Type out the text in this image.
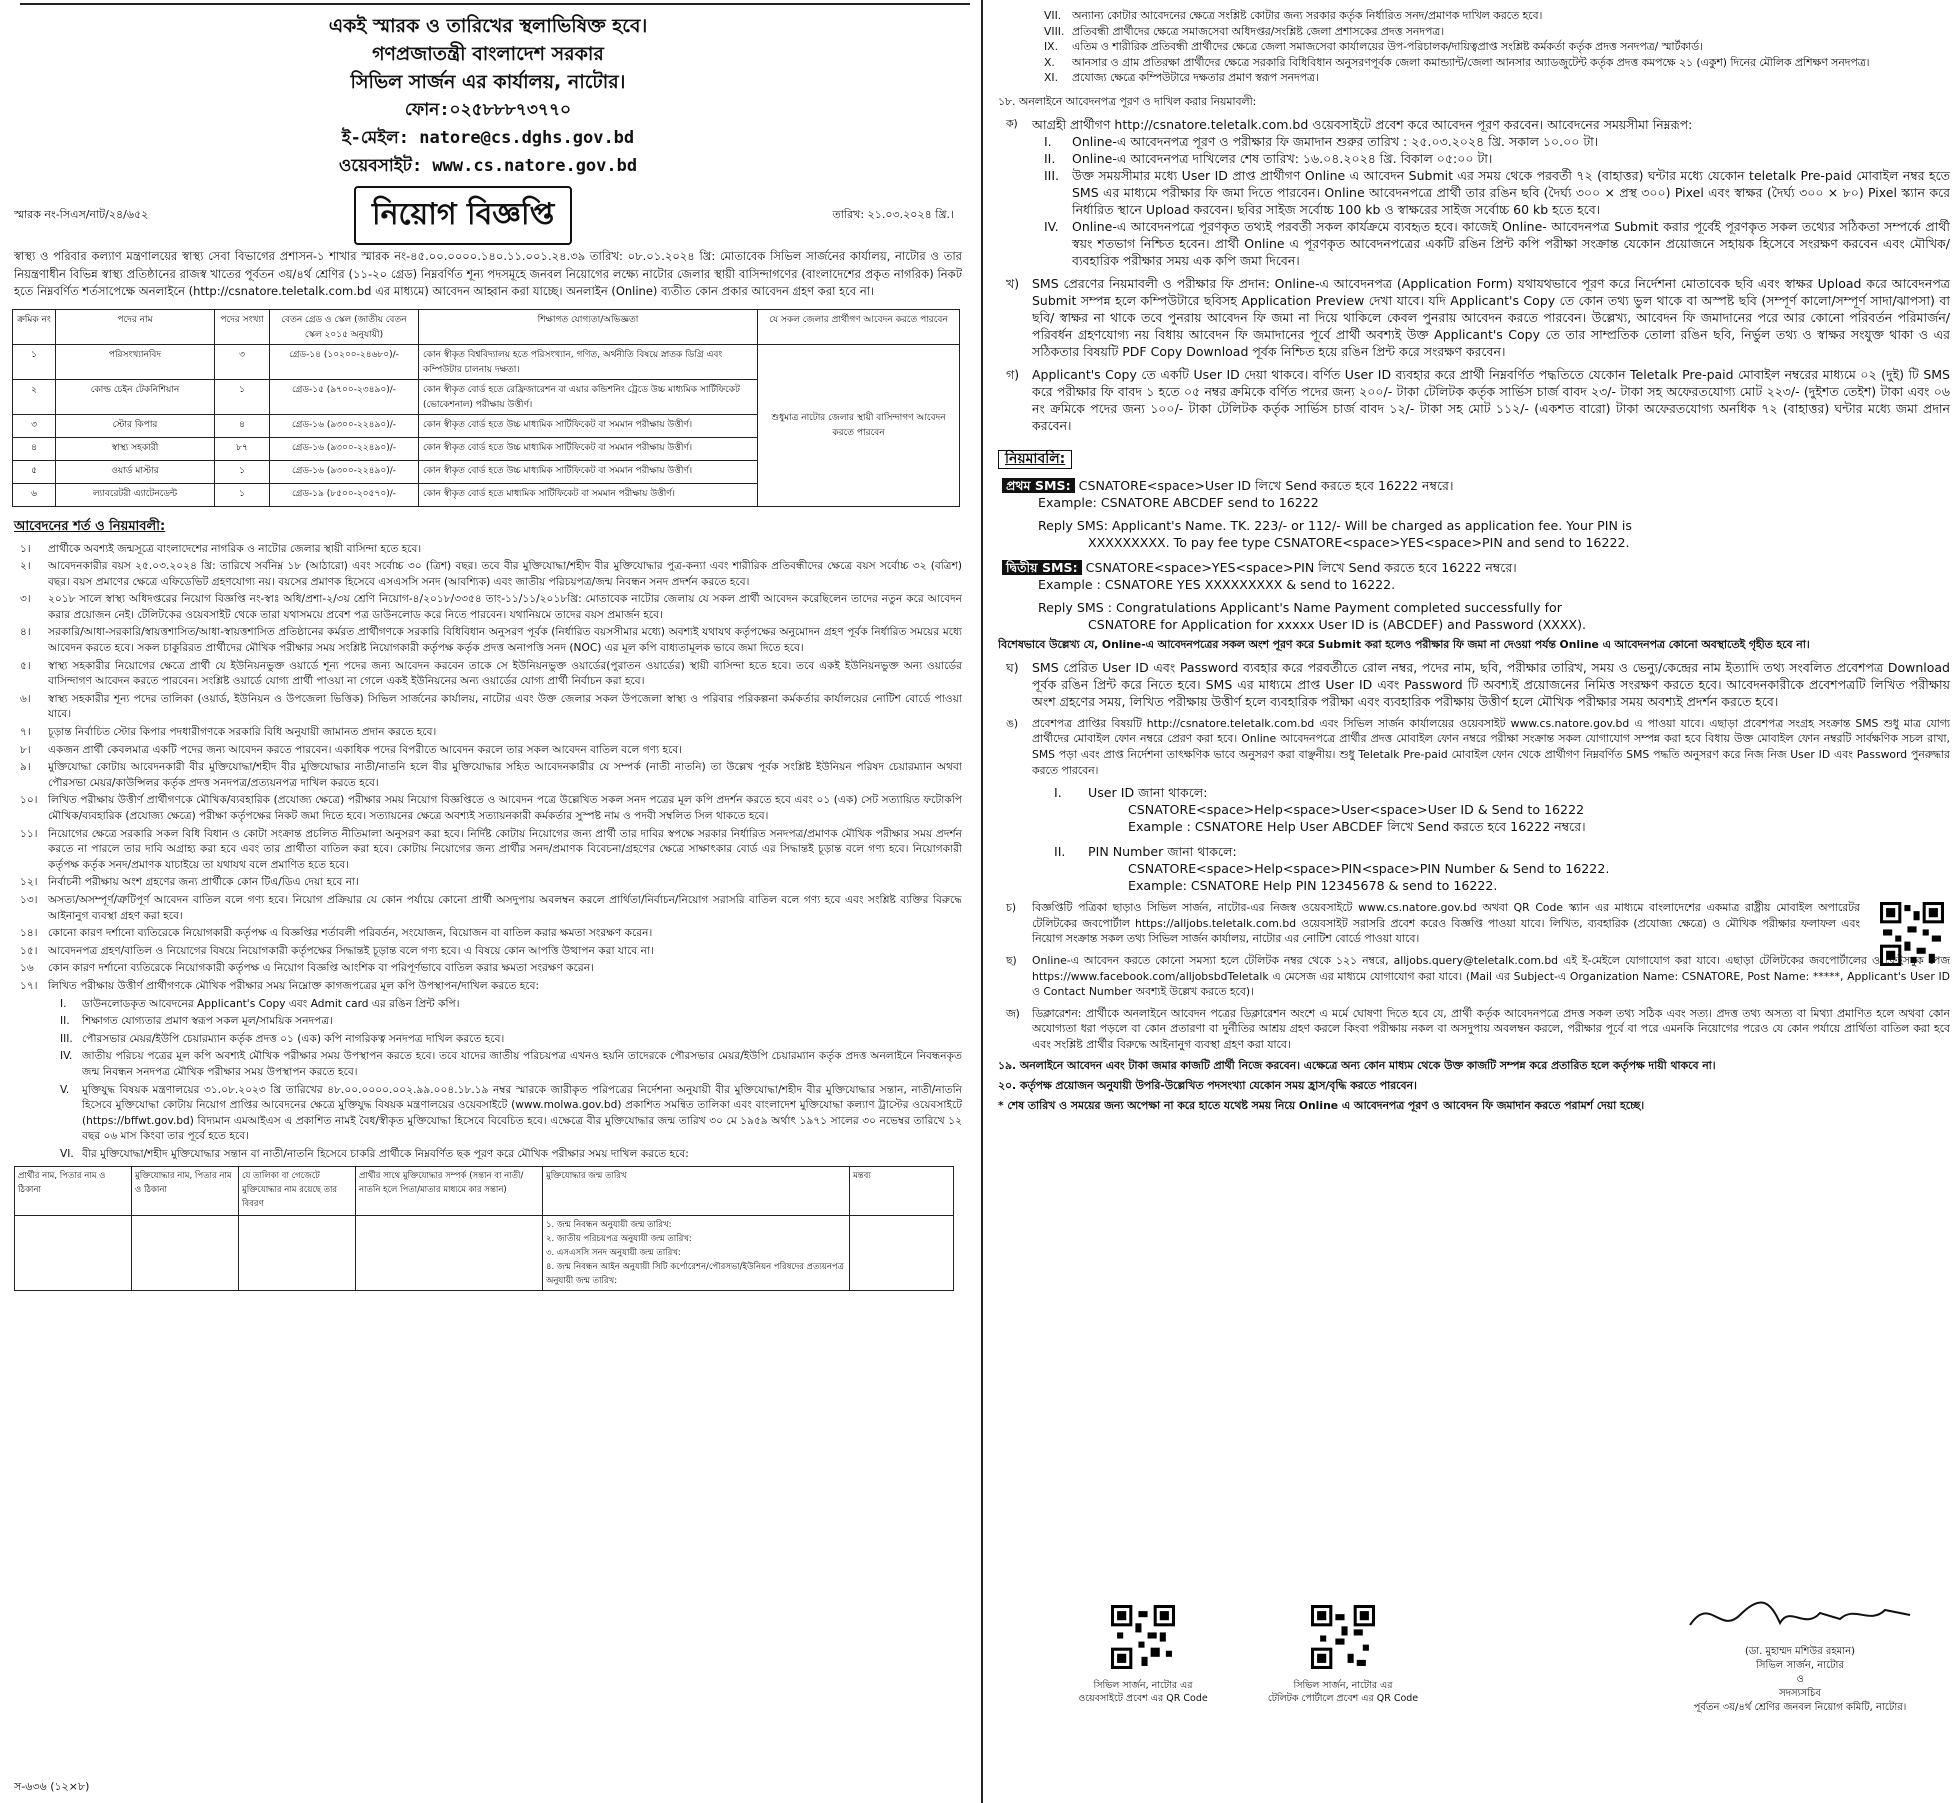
একই স্মারক ও তারিখের স্থলাভিষিক্ত হবে।
গণপ্রজাতন্ত্রী বাংলাদেশ সরকার
সিভিল সার্জন এর কার্যালয়, নাটোর।
ফোন:০২৫৮৮৮৭৩৭৭০
ই-মেইল: natore@cs.dghs.gov.bd
ওয়েবসাইট: www.cs.natore.gov.bd
স্মারক নং-সিএস/নাট/২৪/৬৫২	নিয়োগ বিজ্ঞপ্তি	তারিখ: ২১.০৩.২০২৪ খ্রি.।
স্বাস্থ্য ও পরিবার কল্যাণ মন্ত্রণালয়ের স্বাস্থ্য সেবা বিভাগের প্রশাসন-১ শাখার স্মারক নং-৪৫.০০.০০০০.১৪০.১১.০০১.২৪.৩৯ তারিখ: ০৮.০১.২০২৪ খ্রি: মোতাবেক সিভিল সার্জনের কার্যালয়, নাটোর ও তার নিয়ন্ত্রণাধীন বিভিন্ন স্বাস্থ্য প্রতিষ্ঠানের রাজস্ব খাতের পূর্বতন ৩য়/৪র্থ শ্রেণির (১১-২০ গ্রেড) নিম্নবর্ণিত শূন্য পদসমূহে জনবল নিয়োগের লক্ষ্যে নাটোর জেলার স্থায়ী বাসিন্দাগণের (বাংলাদেশের প্রকৃত নাগরিক) নিকট হতে নিম্নবর্ণিত শর্তসাপেক্ষে অনলাইনে (http://csnatore.teletalk.com.bd এর মাধ্যমে) আবেদন আহ্বান করা যাচ্ছে। অনলাইন (Online) ব্যতীত কোন প্রকার আবেদন গ্রহণ করা হবে না।
ক্রমিক নং	পদের নাম	পদের সংখ্যা	বেতন গ্রেড ও স্কেল (জাতীয় বেতন স্কেল ২০১৫ অনুযায়ী)	শিক্ষাগত যোগ্যতা/অভিজ্ঞতা	যে সকল জেলার প্রার্থীগণ আবেদন করতে পারবেন
১	পরিসংখ্যানবিদ	৩	গ্রেড-১৪ (১০২০০-২৪৬৮০)/-	কোন স্বীকৃত বিশ্ববিদ্যালয় হতে পরিসংখ্যান, গণিত, অর্থনীতি বিষয়ে স্নাতক ডিগ্রি এবং কম্পিউটার চালনায় দক্ষতা।	শুধুমাত্র নাটোর জেলার স্থায়ী বাসিন্দাগণ আবেদন করতে পারবেন
২	কোল্ড চেইন টেকনিশিয়ান	১	গ্রেড-১৫ (৯৭০০-২৩৪৯০)/-	কোন স্বীকৃত বোর্ড হতে রেফ্রিজারেশন বা এয়ার কন্ডিশনিং ট্রেডে উচ্চ মাধ্যমিক সার্টিফিকেট (ভোকেশনাল) পরীক্ষায় উত্তীর্ণ।	
৩	স্টোর কিপার	৪	গ্রেড-১৬ (৯৩০০-২২৪৯০)/-	কোন স্বীকৃত বোর্ড হতে উচ্চ মাধ্যমিক সার্টিফিকেট বা সমমান পরীক্ষায় উত্তীর্ণ।	
৪	স্বাস্থ্য সহকারী	৮৭	গ্রেড-১৬ (৯৩০০-২২৪৯০)/-	কোন স্বীকৃত বোর্ড হতে উচ্চ মাধ্যমিক সার্টিফিকেট বা সমমান পরীক্ষায় উত্তীর্ণ।	
৫	ওয়ার্ড মাস্টার	১	গ্রেড-১৬ (৯৩০০-২২৪৯০)/-	কোন স্বীকৃত বোর্ড হতে উচ্চ মাধ্যমিক সার্টিফিকেট বা সমমান পরীক্ষায় উত্তীর্ণ।	
৬	ল্যাবরেটরী এ্যাটেনডেন্ট	১	গ্রেড-১৯ (৮৫০০-২০৫৭০)/-	কোন স্বীকৃত বোর্ড হতে মাধ্যমিক সার্টিফিকেট বা সমমান পরীক্ষায় উত্তীর্ণ।	
আবেদনের শর্ত ও নিয়মাবলী:
১। প্রার্থীকে অবশ্যই জন্মসূত্রে বাংলাদেশের নাগরিক ও নাটোর জেলার স্থায়ী বাসিন্দা হতে হবে।
২। আবেদনকারীর বয়স ২৫.০৩.২০২৪ খ্রি: তারিখে সর্বনিম্ন ১৮ (আঠারো) এবং সর্বোচ্চ ৩০ (ত্রিশ) বছর। তবে বীর মুক্তিযোদ্ধা/শহীদ বীর মুক্তিযোদ্ধার পুত্র-কন্যা এবং শারীরিক প্রতিবন্ধীদের ক্ষেত্রে বয়স সর্বোচ্চ ৩২ (বত্রিশ) বছর। বয়স প্রমাণের ক্ষেত্রে এফিডেভিট গ্রহণযোগ্য নয়। বয়সের প্রমাণক হিসেবে এসএসসি সনদ (আবশ্যিক) এবং জাতীয় পরিচয়পত্র/জন্ম নিবন্ধন সনদ প্রদর্শন করতে হবে।
৩। ২০১৮ সালে স্বাস্থ্য অধিদপ্তরের নিয়োগ বিজ্ঞপ্তি নং-স্বাঃ অধি/প্রশা-২/৩য় শ্রেণি নিয়োগ-৪/২০১৮/৩৩৫৪ তাং-১১/১১/২০১৮খ্রি: মোতাবেক নাটোর জেলায় যে সকল প্রার্থী আবেদন করেছিলেন তাদের নতুন করে আবেদন করার প্রয়োজন নেই। টেলিটকের ওয়েবসাইট থেকে তারা যথাসময়ে প্রবেশ পত্র ডাউনলোড করে নিতে পারবেন। যথানিয়মে তাদের বয়স প্রমার্জন হবে।
৪। সরকারি/আধা-সরকারি/স্বায়ত্তশাসিত/আধা-স্বায়ত্তশাসিত প্রতিষ্ঠানের কর্মরত প্রার্থীগণকে সরকারি বিধিবিধান অনুসরণ পূর্বক (নির্ধারিত বয়সসীমার মধ্যে) অবশ্যই যথাযথ কর্তৃপক্ষের অনুমোদন গ্রহণ পূর্বক নির্ধারিত সময়ের মধ্যে আবেদন করতে হবে। সকল চাকুরিরত প্রার্থীদের মৌখিক পরীক্ষার সময় সংশ্লিষ্ট নিয়োগকারী কর্তৃপক্ষ কর্তৃক প্রদত্ত অনাপত্তি সনদ (NOC) এর মূল কপি বাধ্যতামূলক ভাবে জমা দিতে হবে।
৫। স্বাস্থ্য সহকারীর নিয়োগের ক্ষেত্রে প্রার্থী যে ইউনিয়নভুক্ত ওয়ার্ডে শূন্য পদের জন্য আবেদন করবেন তাকে সে ইউনিয়নভুক্ত ওয়ার্ডের(পুরাতন ওয়ার্ডের) স্থায়ী বাসিন্দা হতে হবে। তবে একই ইউনিয়নভুক্ত অন্য ওয়ার্ডের বাসিন্দাগণ আবেদন করতে পারবেন। সংশ্লিষ্ট ওয়ার্ডে যোগ্য প্রার্থী পাওয়া না গেলে একই ইউনিয়নের অন্য ওয়ার্ডের যোগ্য প্রার্থী নির্বাচন করা হবে।
৬। স্বাস্থ্য সহকারীর শূন্য পদের তালিকা (ওয়ার্ড, ইউনিয়ন ও উপজেলা ভিত্তিক) সিভিল সার্জনের কার্যালয়, নাটোর এবং উক্ত জেলার সকল উপজেলা স্বাস্থ্য ও পরিবার পরিকল্পনা কর্মকর্তার কার্যালয়ের নোটিশ বোর্ডে পাওয়া যাবে।
৭। চূড়ান্ত নির্বাচিত স্টোর কিপার পদধারীগণকে সরকারি বিধি অনুযায়ী জামানত প্রদান করতে হবে।
৮। একজন প্রার্থী কেবলমাত্র একটি পদের জন্য আবেদন করতে পারবেন। একাধিক পদের বিপরীতে আবেদন করলে তার সকল আবেদন বাতিল বলে গণ্য হবে।
৯। মুক্তিযোদ্ধা কোটায় আবেদনকারী বীর মুক্তিযোদ্ধা/শহীদ বীর মুক্তিযোদ্ধার নাতী/নাতনি হলে বীর মুক্তিযোদ্ধার সহিত আবেদনকারীর যে সম্পর্ক (নাতী নাতনি) তা উল্লেখ পূর্বক সংশ্লিষ্ট ইউনিয়ন পরিষদ চেয়ারম্যান অথবা পৌরসভা মেয়র/কাউন্সিলর কর্তৃক প্রদত্ত সনদপত্র/প্রত্যয়নপত্র দাখিল করতে হবে।
১০। লিখিত পরীক্ষায় উত্তীর্ণ প্রার্থীগণকে মৌখিক/ব্যবহারিক (প্রযোজ্য ক্ষেত্রে) পরীক্ষার সময় নিয়োগ বিজ্ঞপ্তিতে ও আবেদন পত্রে উল্লেখিত সকল সনদ পত্রের মূল কপি প্রদর্শন করতে হবে এবং ০১ (এক) সেট সত্যায়িত ফটোকপি মৌখিক/ব্যবহারিক (প্রযোজ্য ক্ষেত্রে) পরীক্ষা কর্তৃপক্ষের নিকট জমা দিতে হবে। সত্যায়নের ক্ষেত্রে অবশ্যই সত্যায়নকারী কর্মকর্তার সুস্পষ্ট নাম ও পদবী সম্বলিত সিল থাকতে হবে।
১১। নিয়োগের ক্ষেত্রে সরকারি সকল বিধি বিধান ও কোটা সংক্রান্ত প্রচলিত নীতিমালা অনুসরণ করা হবে। নির্দিষ্ট কোটায় নিয়োগের জন্য প্রার্থী তার দাবির স্বপক্ষে সরকার নির্ধারিত সনদপত্র/প্রমাণক মৌখিক পরীক্ষার সময় প্রদর্শন করতে না পারলে তার দাবি অগ্রাহ্য করা হবে এবং তার প্রার্থীতা বাতিল করা হবে। কোটায় নিয়োগের জন্য প্রার্থীর সনদ/প্রমাণক বিবেচনা/গ্রহণের ক্ষেত্রে সাক্ষাৎকার বোর্ড এর সিদ্ধান্তই চূড়ান্ত বলে গণ্য হবে। নিয়োগকারী কর্তৃপক্ষ কর্তৃক সনদ/প্রমাণক যাচাইয়ে তা যথাযথ বলে প্রমাণিত হতে হবে।
১২। নির্বাচনী পরীক্ষায় অংশ গ্রহণের জন্য প্রার্থীকে কোন টিএ/ডিএ দেয়া হবে না।
১৩। অসত্য/অসম্পূর্ণ/ত্রুটিপূর্ণ আবেদন বাতিল বলে গণ্য হবে। নিয়োগ প্রক্রিয়ার যে কোন পর্যায়ে কোনো প্রার্থী অসদুপায় অবলম্বন করলে প্রার্থিতা/নির্বাচন/নিয়োগ সরাসরি বাতিল বলে গণ্য হবে এবং সংশ্লিষ্ট ব্যক্তির বিরুদ্ধে আইনানুগ ব্যবস্থা গ্রহণ করা হবে।
১৪। কোনো কারণ দর্শানো ব্যতিরেকে নিয়োগকারী কর্তৃপক্ষ এ বিজ্ঞপ্তির শর্তাবলী পরিবর্তন, সংযোজন, বিয়োজন বা বাতিল করার ক্ষমতা সংরক্ষণ করেন।
১৫। আবেদনপত্র গ্রহণ/বাতিল ও নিয়োগের বিষয়ে নিয়োগকারী কর্তৃপক্ষের সিদ্ধান্তই চূড়ান্ত বলে গণ্য হবে। এ বিষয়ে কোন আপত্তি উত্থাপন করা যাবে না।
১৬ কোন কারণ দর্শানো ব্যতিরেকে নিয়োগকারী কর্তৃপক্ষ এ নিয়োগ বিজ্ঞপ্তি আংশিক বা পরিপূর্ণভাবে বাতিল করার ক্ষমতা সংরক্ষণ করেন।
১৭। লিখিত পরীক্ষায় উত্তীর্ণ প্রার্থীগণকে মৌখিক পরীক্ষার সময় নিম্নোক্ত কাগজপত্রের মূল কপি উপস্থাপন/দাখিল করতে হবে:
I. ডাউনলোডকৃত আবেদনের Applicant's Copy এবং Admit card এর রঙিন প্রিন্ট কপি।
II. শিক্ষাগত যোগ্যতার প্রমাণ স্বরূপ সকল মূল/সাময়িক সনদপত্র।
III. পৌরসভার মেয়র/ইউপি চেয়ারম্যান কর্তৃক প্রদত্ত ০১ (এক) কপি নাগরিকত্ব সনদপত্র দাখিল করতে হবে।
IV. জাতীয় পরিচয় পত্রের মূল কপি অবশ্যই মৌখিক পরীক্ষার সময় উপস্থাপন করতে হবে। তবে যাদের জাতীয় পরিচয়পত্র এখনও হয়নি তাদেরকে পৌরসভার মেয়র/ইউপি চেয়ারম্যান কর্তৃক প্রদত্ত অনলাইনে নিবন্ধনকৃত জন্ম নিবন্ধন সনদপত্র মৌখিক পরীক্ষার সময় উপস্থাপন করতে হবে।
V. মুক্তিযুদ্ধ বিষয়ক মন্ত্রণালয়ের ৩১.০৮.২০২৩ খ্রি তারিখের ৪৮.০০.০০০০.০০২.৯৯.০০৪.১৮.১৯ নম্বর স্মারকে জারীকৃত পরিপত্রের নির্দেশনা অনুযায়ী বীর মুক্তিযোদ্ধা/শহীদ বীর মুক্তিযোদ্ধার সন্তান, নাতী/নাতনি হিসেবে মুক্তিযোদ্ধা কোটায় নিয়োগ প্রাপ্তির আবেদনের ক্ষেত্রে মুক্তিযুদ্ধ বিষয়ক মন্ত্রণালয়ের ওয়েবসাইটে (www.molwa.gov.bd) প্রকাশিত সমন্বিত তালিকা এবং বাংলাদেশ মুক্তিযোদ্ধা কল্যাণ ট্রাস্টের ওয়েবসাইটে (https://bffwt.gov.bd) বিদ্যমান এমআইএস এ প্রকাশিত নামই বৈধ/স্বীকৃত মুক্তিযোদ্ধা হিসেবে বিবেচিত হবে। এক্ষেত্রে বীর মুক্তিযোদ্ধার জন্ম তারিখ ৩০ মে ১৯৫৯ অর্থাৎ ১৯৭১ সালের ৩০ নভেম্বর তারিখে ১২ বছর ০৬ মাস কিংবা তার পূর্বে হতে হবে।
VI. বীর মুক্তিযোদ্ধা/শহীদ মুক্তিযোদ্ধার সন্তান বা নাতী/নাতনি হিসেবে চাকরি প্রার্থীকে নিম্নবর্ণিত ছক পূরণ করে মৌখিক পরীক্ষার সময় দাখিল করতে হবে:
প্রার্থীর নাম, পিতার নাম ও ঠিকানা	মুক্তিযোদ্ধার নাম, পিতার নাম ও ঠিকানা	যে তালিকা বা গেজেটে মুক্তিযোদ্ধার নাম রয়েছে তার বিবরণ	প্রার্থীর সাথে মুক্তিযোদ্ধার সম্পর্ক (সন্তান বা নাতী/নাতনি হলে পিতা/মাতার মাধ্যমে কার সন্তান)	মুক্তিযোদ্ধার জন্ম তারিখ	মন্তব্য

				১. জন্ম নিবন্ধন অনুযায়ী জন্ম তারিখ:
২. জাতীয় পরিচয়পত্র অনুযায়ী জন্ম তারিখ:
৩. এসএসসি সনদ অনুযায়ী জন্ম তারিখ:
৪. জন্ম নিবন্ধন আইন অনুযায়ী সিটি কর্পোরেশন/পৌরসভা/ইউনিয়ন পরিষদের প্রত্যয়নপত্র অনুযায়ী জন্ম তারিখ:	

VII. অন্যান্য কোটার আবেদনের ক্ষেত্রে সংশ্লিষ্ট কোটার জন্য সরকার কর্তৃক নির্ধারিত সনদ/প্রমাণক দাখিল করতে হবে।
VIII. প্রতিবন্ধী প্রার্থীদের ক্ষেত্রে সমাজসেবা অধিদপ্তর/সংশ্লিষ্ট জেলা প্রশাসকের প্রদত্ত সনদপত্র।
IX. এতিম ও শারীরিক প্রতিবন্ধী প্রার্থীদের ক্ষেত্রে জেলা সমাজসেবা কার্যালয়ের উপ-পরিচালক/দায়িত্বপ্রাপ্ত সংশ্লিষ্ট কর্মকর্তা কর্তৃক প্রদত্ত সনদপত্র/ স্মার্টকার্ড।
X. আনসার ও গ্রাম প্রতিরক্ষা প্রার্থীদের ক্ষেত্রে সরকারি বিধিবিধান অনুসরণপূর্বক জেলা কমান্ড্যান্ট/জেলা আনসার অ্যাডজুটেন্ট কর্তৃক প্রদত্ত কমপক্ষে ২১ (একুশ) দিনের মৌলিক প্রশিক্ষণ সনদপত্র।
XI. প্রযোজ্য ক্ষেত্রে কম্পিউটারে দক্ষতার প্রমাণ স্বরূপ সনদপত্র।
১৮. অনলাইনে আবেদনপত্র পূরণ ও দাখিল করার নিয়মাবলী:
ক) আগ্রহী প্রার্থীগণ http://csnatore.teletalk.com.bd ওয়েবসাইটে প্রবেশ করে আবেদন পূরণ করবেন। আবেদনের সময়সীমা নিম্নরূপ:
I. Online-এ আবেদনপত্র পূরণ ও পরীক্ষার ফি জমাদান শুরুর তারিখ : ২৫.০৩.২০২৪ খ্রি. সকাল ১০.০০ টা।
II. Online-এ আবেদনপত্র দাখিলের শেষ তারিখ: ১৬.০৪.২০২৪ খ্রি. বিকাল ০৫:০০ টা।
III. উক্ত সময়সীমার মধ্যে User ID প্রাপ্ত প্রার্থীগণ Online এ আবেদন Submit এর সময় থেকে পরবর্তী ৭২ (বাহাত্তর) ঘন্টার মধ্যে যেকোন teletalk Pre-paid মোবাইল নম্বর হতে SMS এর মাধ্যমে পরীক্ষার ফি জমা দিতে পারবেন। Online আবেদনপত্রে প্রার্থী তার রঙিন ছবি (দৈর্ঘ্য ৩০০ × প্রস্থ ৩০০) Pixel এবং স্বাক্ষর (দৈর্ঘ্য ৩০০ × ৮০) Pixel স্ক্যান করে নির্ধারিত স্থানে Upload করবেন। ছবির সাইজ সর্বোচ্চ 100 kb ও স্বাক্ষরের সাইজ সর্বোচ্চ 60 kb হতে হবে।
IV. Online-এ আবেদনপত্রে পূরণকৃত তথ্যই পরবর্তী সকল কার্যক্রমে ব্যবহৃত হবে। কাজেই Online- আবেদনপত্র Submit করার পূর্বেই পূরণকৃত সকল তথ্যের সঠিকতা সম্পর্কে প্রার্থী স্বয়ং শতভাগ নিশ্চিত হবেন। প্রার্থী Online এ পূরণকৃত আবেদনপত্রের একটি রঙিন প্রিন্ট কপি পরীক্ষা সংক্রান্ত যেকোন প্রয়োজনে সহায়ক হিসেবে সংরক্ষণ করবেন এবং মৌখিক/ব্যবহারিক পরীক্ষার সময় এক কপি জমা দিবেন।
খ) SMS প্রেরণের নিয়মাবলী ও পরীক্ষার ফি প্রদান: Online-এ আবেদনপত্র (Application Form) যথাযথভাবে পূরণ করে নির্দেশনা মোতাবেক ছবি এবং স্বাক্ষর Upload করে আবেদনপত্র Submit সম্পন্ন হলে কম্পিউটারে ছবিসহ Application Preview দেখা যাবে। যদি Applicant's Copy তে কোন তথ্য ভুল থাকে বা অস্পষ্ট ছবি (সম্পূর্ণ কালো/সম্পূর্ণ সাদা/ঝাপসা) বা ছবি/ স্বাক্ষর না থাকে তবে পুনরায় আবেদন ফি জমা না দিয়ে থাকিলে কেবল পুনরায় আবেদন করতে পারবেন। উল্লেখ্য, আবেদন ফি জমাদানের পরে আর কোনো পরিবর্তন পরিমার্জন/পরিবর্ধন গ্রহণযোগ্য নয় বিধায় আবেদন ফি জমাদানের পূর্বে প্রার্থী অবশ্যই উক্ত Applicant's Copy তে তার সাম্প্রতিক তোলা রঙিন ছবি, নির্ভুল তথ্য ও স্বাক্ষর সংযুক্ত থাকা ও এর সঠিকতার বিষয়টি PDF Copy Download পূর্বক নিশ্চিত হয়ে রঙিন প্রিন্ট করে সংরক্ষণ করবেন।
গ) Applicant's Copy তে একটি User ID দেয়া থাকবে। বর্ণিত User ID ব্যবহার করে প্রার্থী নিম্নবর্ণিত পদ্ধতিতে যেকোন Teletalk Pre-paid মোবাইল নম্বরের মাধ্যমে ০২ (দুই) টি SMS করে পরীক্ষার ফি বাবদ ১ হতে ০৫ নম্বর ক্রমিকে বর্ণিত পদের জন্য ২০০/- টাকা টেলিটক কর্তৃক সার্ভিস চার্জ বাবদ ২৩/- টাকা সহ অফেরতযোগ্য মোট ২২৩/- (দুইশত তেইশ) টাকা এবং ০৬ নং ক্রমিকে পদের জন্য ১০০/- টাকা টেলিটক কর্তৃক সার্ভিস চার্জ বাবদ ১২/- টাকা সহ মোট ১১২/- (একশত বারো) টাকা অফেরতযোগ্য অনধিক ৭২ (বাহাত্তর) ঘন্টার মধ্যে জমা প্রদান করবেন।
নিয়মাবলি:
প্রথম SMS: CSNATORE<space>User ID লিখে Send করতে হবে 16222 নম্বরে।
Example: CSNATORE ABCDEF send to 16222
Reply SMS: Applicant's Name. TK. 223/- or 112/- Will be charged as application fee. Your PIN is
XXXXXXXXX. To pay fee type CSNATORE<space>YES<space>PIN and send to 16222.
দ্বিতীয় SMS: CSNATORE<space>YES<space>PIN লিখে Send করতে হবে 16222 নম্বরে।
Example : CSNATORE YES XXXXXXXXX & send to 16222.
Reply SMS : Congratulations Applicant's Name Payment completed successfully for
CSNATORE for Application for xxxxx User ID is (ABCDEF) and Password (XXXX).
বিশেষভাবে উল্লেখ্য যে, Online-এ আবেদনপত্রের সকল অংশ পূরণ করে Submit করা হলেও পরীক্ষার ফি জমা না দেওয়া পর্যন্ত Online এ আবেদনপত্র কোনো অবস্থাতেই গৃহীত হবে না।
ঘ) SMS প্রেরিত User ID এবং Password ব্যবহার করে পরবর্তীতে রোল নম্বর, পদের নাম, ছবি, পরীক্ষার তারিখ, সময় ও ভেন্যু/কেন্দ্রের নাম ইত্যাদি তথ্য সংবলিত প্রবেশপত্র Download পূর্বক রঙিন প্রিন্ট করে নিতে হবে। SMS এর মাধ্যমে প্রাপ্ত User ID এবং Password টি অবশ্যই প্রয়োজনের নিমিত্ত সংরক্ষণ করতে হবে। আবেদনকারীকে প্রবেশপত্রটি লিখিত পরীক্ষায় অংশ গ্রহণের সময়, লিখিত পরীক্ষায় উত্তীর্ণ হলে ব্যবহারিক পরীক্ষা এবং ব্যবহারিক পরীক্ষায় উত্তীর্ণ হলে মৌখিক পরীক্ষার সময় অবশ্যই প্রদর্শন করতে হবে।
ঙ) প্রবেশপত্র প্রাপ্তির বিষয়টি http://csnatore.teletalk.com.bd এবং সিভিল সার্জন কার্যালয়ের ওয়েবসাইট www.cs.natore.gov.bd এ পাওয়া যাবে। এছাড়া প্রবেশপত্র সংগ্রহ সংক্রান্ত SMS শুধু মাত্র যোগ্য প্রার্থীদের মোবাইল ফোন নম্বরে প্রেরণ করা হবে। Online আবেদনপত্রে প্রার্থীর প্রদত্ত মোবাইল ফোন নম্বরে পরীক্ষা সংক্রান্ত সকল যোগাযোগ সম্পন্ন করা হবে বিধায় উক্ত মোবাইল ফোন নম্বরটি সার্বক্ষণিক সচল রাখা, SMS পড়া এবং প্রাপ্ত নির্দেশনা তাৎক্ষণিক ভাবে অনুসরণ করা বাঞ্ছনীয়। শুধু Teletalk Pre-paid মোবাইল ফোন থেকে প্রার্থীগণ নিম্নবর্ণিত SMS পদ্ধতি অনুসরণ করে নিজ নিজ User ID এবং Password পুনরুদ্ধার করতে পারবেন।
I. User ID জানা থাকলে:
CSNATORE<space>Help<space>User<space>User ID & Send to 16222
Example : CSNATORE Help User ABCDEF লিখে Send করতে হবে 16222 নম্বরে।
II. PIN Number জানা থাকলে:
CSNATORE<space>Help<space>PIN<space>PIN Number & Send to 16222.
Example: CSNATORE Help PIN 12345678 & send to 16222.
চ) বিজ্ঞপ্তিটি পত্রিকা ছাড়াও সিভিল সার্জন, নাটোর-এর নিজস্ব ওয়েবসাইটে www.cs.natore.gov.bd অথবা QR Code স্ক্যান এর মাধ্যমে বাংলাদেশের একমাত্র রাষ্ট্রীয় মোবাইল অপারেটর টেলিটকের জবপোর্টাল https://alljobs.teletalk.com.bd ওয়েবসাইট সরাসরি প্রবেশ করেও বিজ্ঞপ্তি পাওয়া যাবে। লিখিত, ব্যবহারিক (প্রযোজ্য ক্ষেত্রে) ও মৌখিক পরীক্ষার ফলাফল এবং নিয়োগ সংক্রান্ত সকল তথ্য সিভিল সার্জন কার্যালয়, নাটোর এর নোটিশ বোর্ডে পাওয়া যাবে।
ছ) Online-এ আবেদন করতে কোনো সমস্যা হলে টেলিটক নম্বর থেকে ১২১ নম্বরে, alljobs.query@teletalk.com.bd এই ই-মেইলে যোগাযোগ করা যাবে। এছাড়া টেলিটকের জবপোর্টালের ও ফেইসবুক পেজ https://www.facebook.com/alljobsbdTeletalk এ মেসেজ এর মাধ্যমে যোগাযোগ করা যাবে। (Mail এর Subject-এ Organization Name: CSNATORE, Post Name: *****, Applicant's User ID ও Contact Number অবশ্যই উল্লেখ করতে হবে)।
জ) ডিক্লারেশন: প্রার্থীকে অনলাইনে আবেদন পত্রের ডিক্লারেশন অংশে এ মর্মে ঘোষণা দিতে হবে যে, প্রার্থী কর্তৃক আবেদনপত্রে প্রদত্ত সকল তথ্য সঠিক এবং সত্য। প্রদত্ত তথ্য অসত্য বা মিথ্যা প্রমাণিত হলে অথবা কোন অযোগ্যতা ধরা পড়লে বা কোন প্রতারণা বা দুর্নীতির আশ্রয় গ্রহণ করলে কিংবা পরীক্ষায় নকল বা অসদুপায় অবলম্বন করলে, পরীক্ষার পূর্বে বা পরে এমনকি নিয়োগের পরেও যে কোন পর্যায়ে প্রার্থিতা বাতিল করা হবে এবং সংশ্লিষ্ট প্রার্থীর বিরুদ্ধে আইনানুগ ব্যবস্থা গ্রহণ করা যাবে।
১৯. অনলাইনে আবেদন এবং টাকা জমার কাজটি প্রার্থী নিজে করবেন। এক্ষেত্রে অন্য কোন মাধ্যম থেকে উক্ত কাজটি সম্পন্ন করে প্রতারিত হলে কর্তৃপক্ষ দায়ী থাকবে না।
২০. কর্তৃপক্ষ প্রয়োজন অনুযায়ী উপরি-উল্লেখিত পদসংখ্যা যেকোন সময় হ্রাস/বৃদ্ধি করতে পারবেন।
* শেষ তারিখ ও সময়ের জন্য অপেক্ষা না করে হাতে যথেষ্ট সময় নিয়ে Online এ আবেদনপত্র পূরণ ও আবেদন ফি জমাদান করতে পরামর্শ দেয়া হচ্ছে।
সিভিল সার্জন, নাটোর এর
ওয়েবসাইটে প্রবেশ এর QR Code
সিভিল সার্জন, নাটোর এর
টেলিটক পোর্টালে প্রবেশ এর QR Code
(ডা. মুহাম্মদ মশিউর রহমান)
সিভিল সার্জন, নাটোর
ও
সদস্যসচিব
পূর্বতন ৩য়/৪র্থ শ্রেণির জনবল নিয়োগ কমিটি, নাটোর।
স-৬৩৬ (১২×৮)
